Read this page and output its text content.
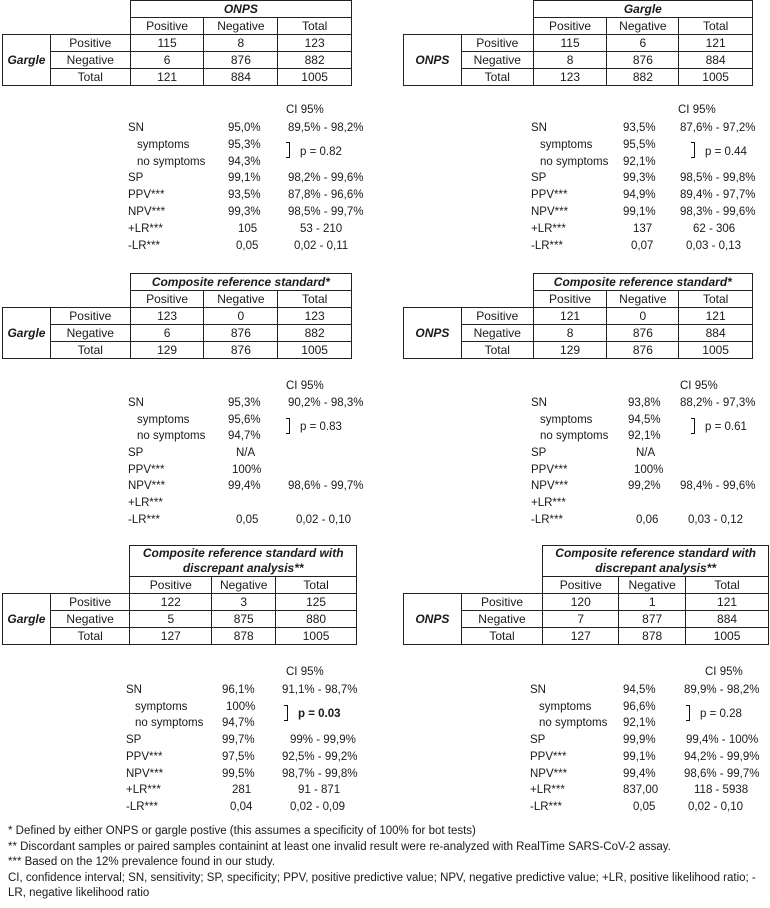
		ONPS		
		Positive	Negative	Total
Gargle	Positive	115	8	123
	Negative	6	876	882
	Total	121	884	1005
		Gargle		
		Positive	Negative	Total
ONPS	Positive	115	6	121
	Negative	8	876	884
	Total	123	882	1005
CI 95%
SN	95,0% 89,5% - 98,2%
symptoms	95,3%
no symptoms 94,3%
p = 0.82
SP	99,1% 98,2% - 99,6%
PPV***	93,5% 87,8% - 96,6%
NPV***	99,3% 98,5% - 99,7%
+LR***	105	53 - 210
-LR***	0,05	0,02 - 0,11
CI 95%
SN	93,5% 87,6% - 97,2%
symptoms	95,5%
no symptoms 92,1%
p = 0.44
SP	99,3% 98,5% - 99,8%
PPV***	94,9% 89,4% - 97,7%
NPV***	99,1% 98,3% - 99,6%
+LR***	137	62 - 306
-LR***	0,07	0,03 - 0,13
		Composite reference standard*		
		Positive	Negative	Total
Gargle	Positive	123	0	123
	Negative	6	876	882
	Total	129	876	1005
		Composite reference standard*		
		Positive	Negative	Total
ONPS	Positive	121	0	121
	Negative	8	876	884
	Total	129	876	1005
CI 95%
SN	95,3% 90,2% - 98,3%
symptoms	95,6%
no symptoms 94,7%
p = 0.83
SP	N/A
PPV***	100%
NPV***	99,4% 98,6% - 99,7%
+LR***
-LR***	0,05	0,02 - 0,10
CI 95%
SN	93,8% 88,2% - 97,3%
symptoms	94,5%
no symptoms 92,1%
p = 0.61
SP	N/A
PPV***	100%
NPV***	99,2% 98,4% - 99,6%
+LR***
-LR***	0,06	0,03 - 0,12

		Composite reference standard with
discrepant analysis**		

		Positive	Negative	Total
Gargle	Positive	122	3	125
	Negative	5	875	880
	Total	127	878	1005

		Composite reference standard with
discrepant analysis**		

		Positive	Negative	Total
ONPS	Positive	120	1	121
	Negative	7	877	884
	Total	127	878	1005
CI 95%
SN	96,1% 91,1% - 98,7%
symptoms	100%
no symptoms 94,7%
p = 0.03
SP	99,7%	99% - 99,9%
PPV***	97,5% 92,5% - 99,2%
NPV***	99,5% 98,7% - 99,8%
+LR***	281	91 - 871
-LR***	0,04	0,02 - 0,09
CI 95%
SN	94,5% 89,9% - 98,2%
symptoms	96,6%
no symptoms 92,1%
p = 0.28
SP	99,9%	99,4% - 100%
PPV***	99,1% 94,2% - 99,9%
NPV***	99,4% 98,6% - 99,7%
+LR***	837,00	118 - 5938
-LR***	0,05	0,02 - 0,10
* Defined by either ONPS or gargle postive (this assumes a specificity of 100% for bot tests)
** Discordant samples or paired samples containint at least one invalid result were re-analyzed with RealTime SARS-CoV-2 assay.
*** Based on the 12% prevalence found in our study.
CI, confidence interval; SN, sensitivity; SP, specificity; PPV, positive predictive value; NPV, negative predictive value; +LR, positive likelihood ratio; -LR, negative likelihood ratio
